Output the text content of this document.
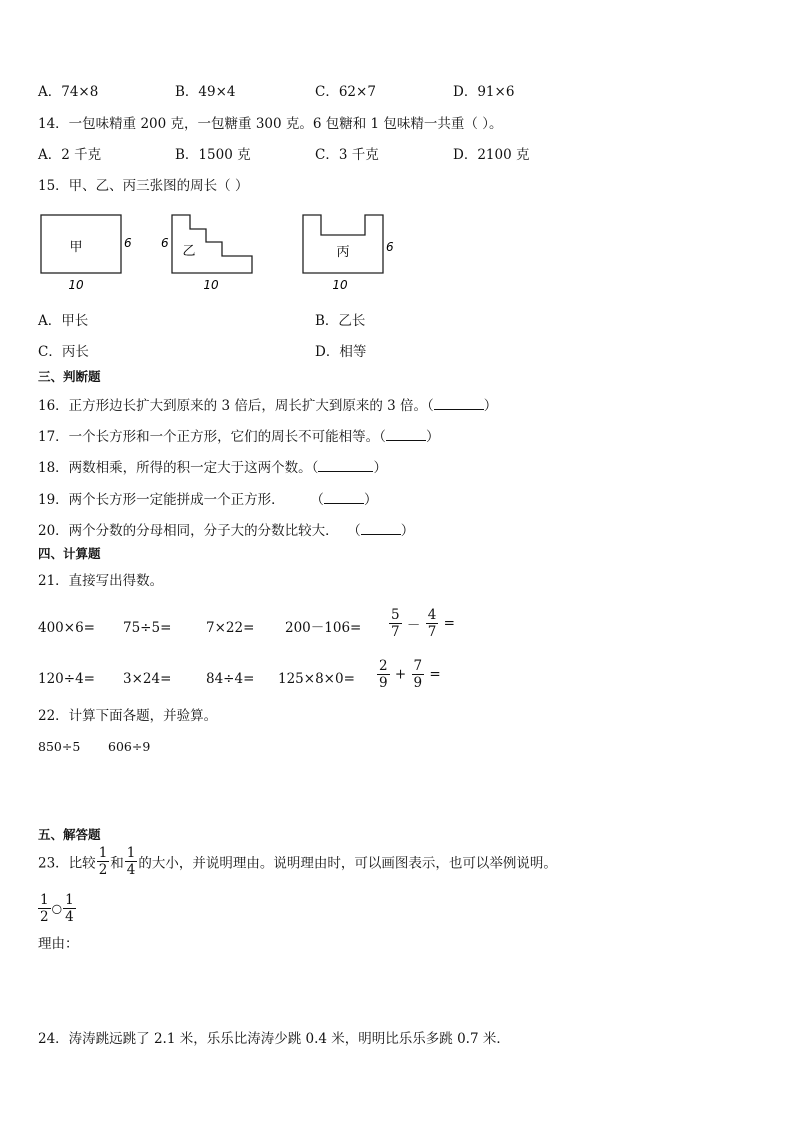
A．74×8	B．49×4	C．62×7	D．91×6
14．一包味精重 200 克，一包糖重 300 克。6 包糖和 1 包味精一共重（ ）。
A．2 千克	B．1500 克	C．3 千克	D．2100 克
15．甲、乙、丙三张图的周长（ ）
甲	6
10
乙
6
10
丙	6
10
A．甲长	B．乙长
C．丙长	D．相等
三、判断题
16．正方形边长扩大到原来的 3 倍后，周长扩大到原来的 3 倍。（	）
17．一个长方形和一个正方形，它们的周长不可能相等。（	）
18．两数相乘，所得的积一定大于这两个数。（	）
19．两个长方形一定能拼成一个正方形．      （	）
20．两个分数的分母相同，分子大的分数比较大．  （	）
四、计算题
21．直接写出得数。
400×6= 75÷5=	$7\times 22= 200-106= \frac{5}{7} - \frac{4}{7}$ =
120÷4= 3×24=	$84\div 4= 125\times 8\times 0= \frac{2}{9} + \frac{7}{9}$ =
22．计算下面各题，并验算。
850÷5 606÷9
五、解答题
23．比较 $\frac{1}{2}$ 和 $\frac{1}{4}$ 的大小，并说明理由。说明理由时，可以画图表示，也可以举例说明。
$\frac{1}{2}$ ○ $\frac{1}{4}$
理由：
24．涛涛跳远跳了 2.1 米，乐乐比涛涛少跳 0.4 米，明明比乐乐多跳 0.7 米．
